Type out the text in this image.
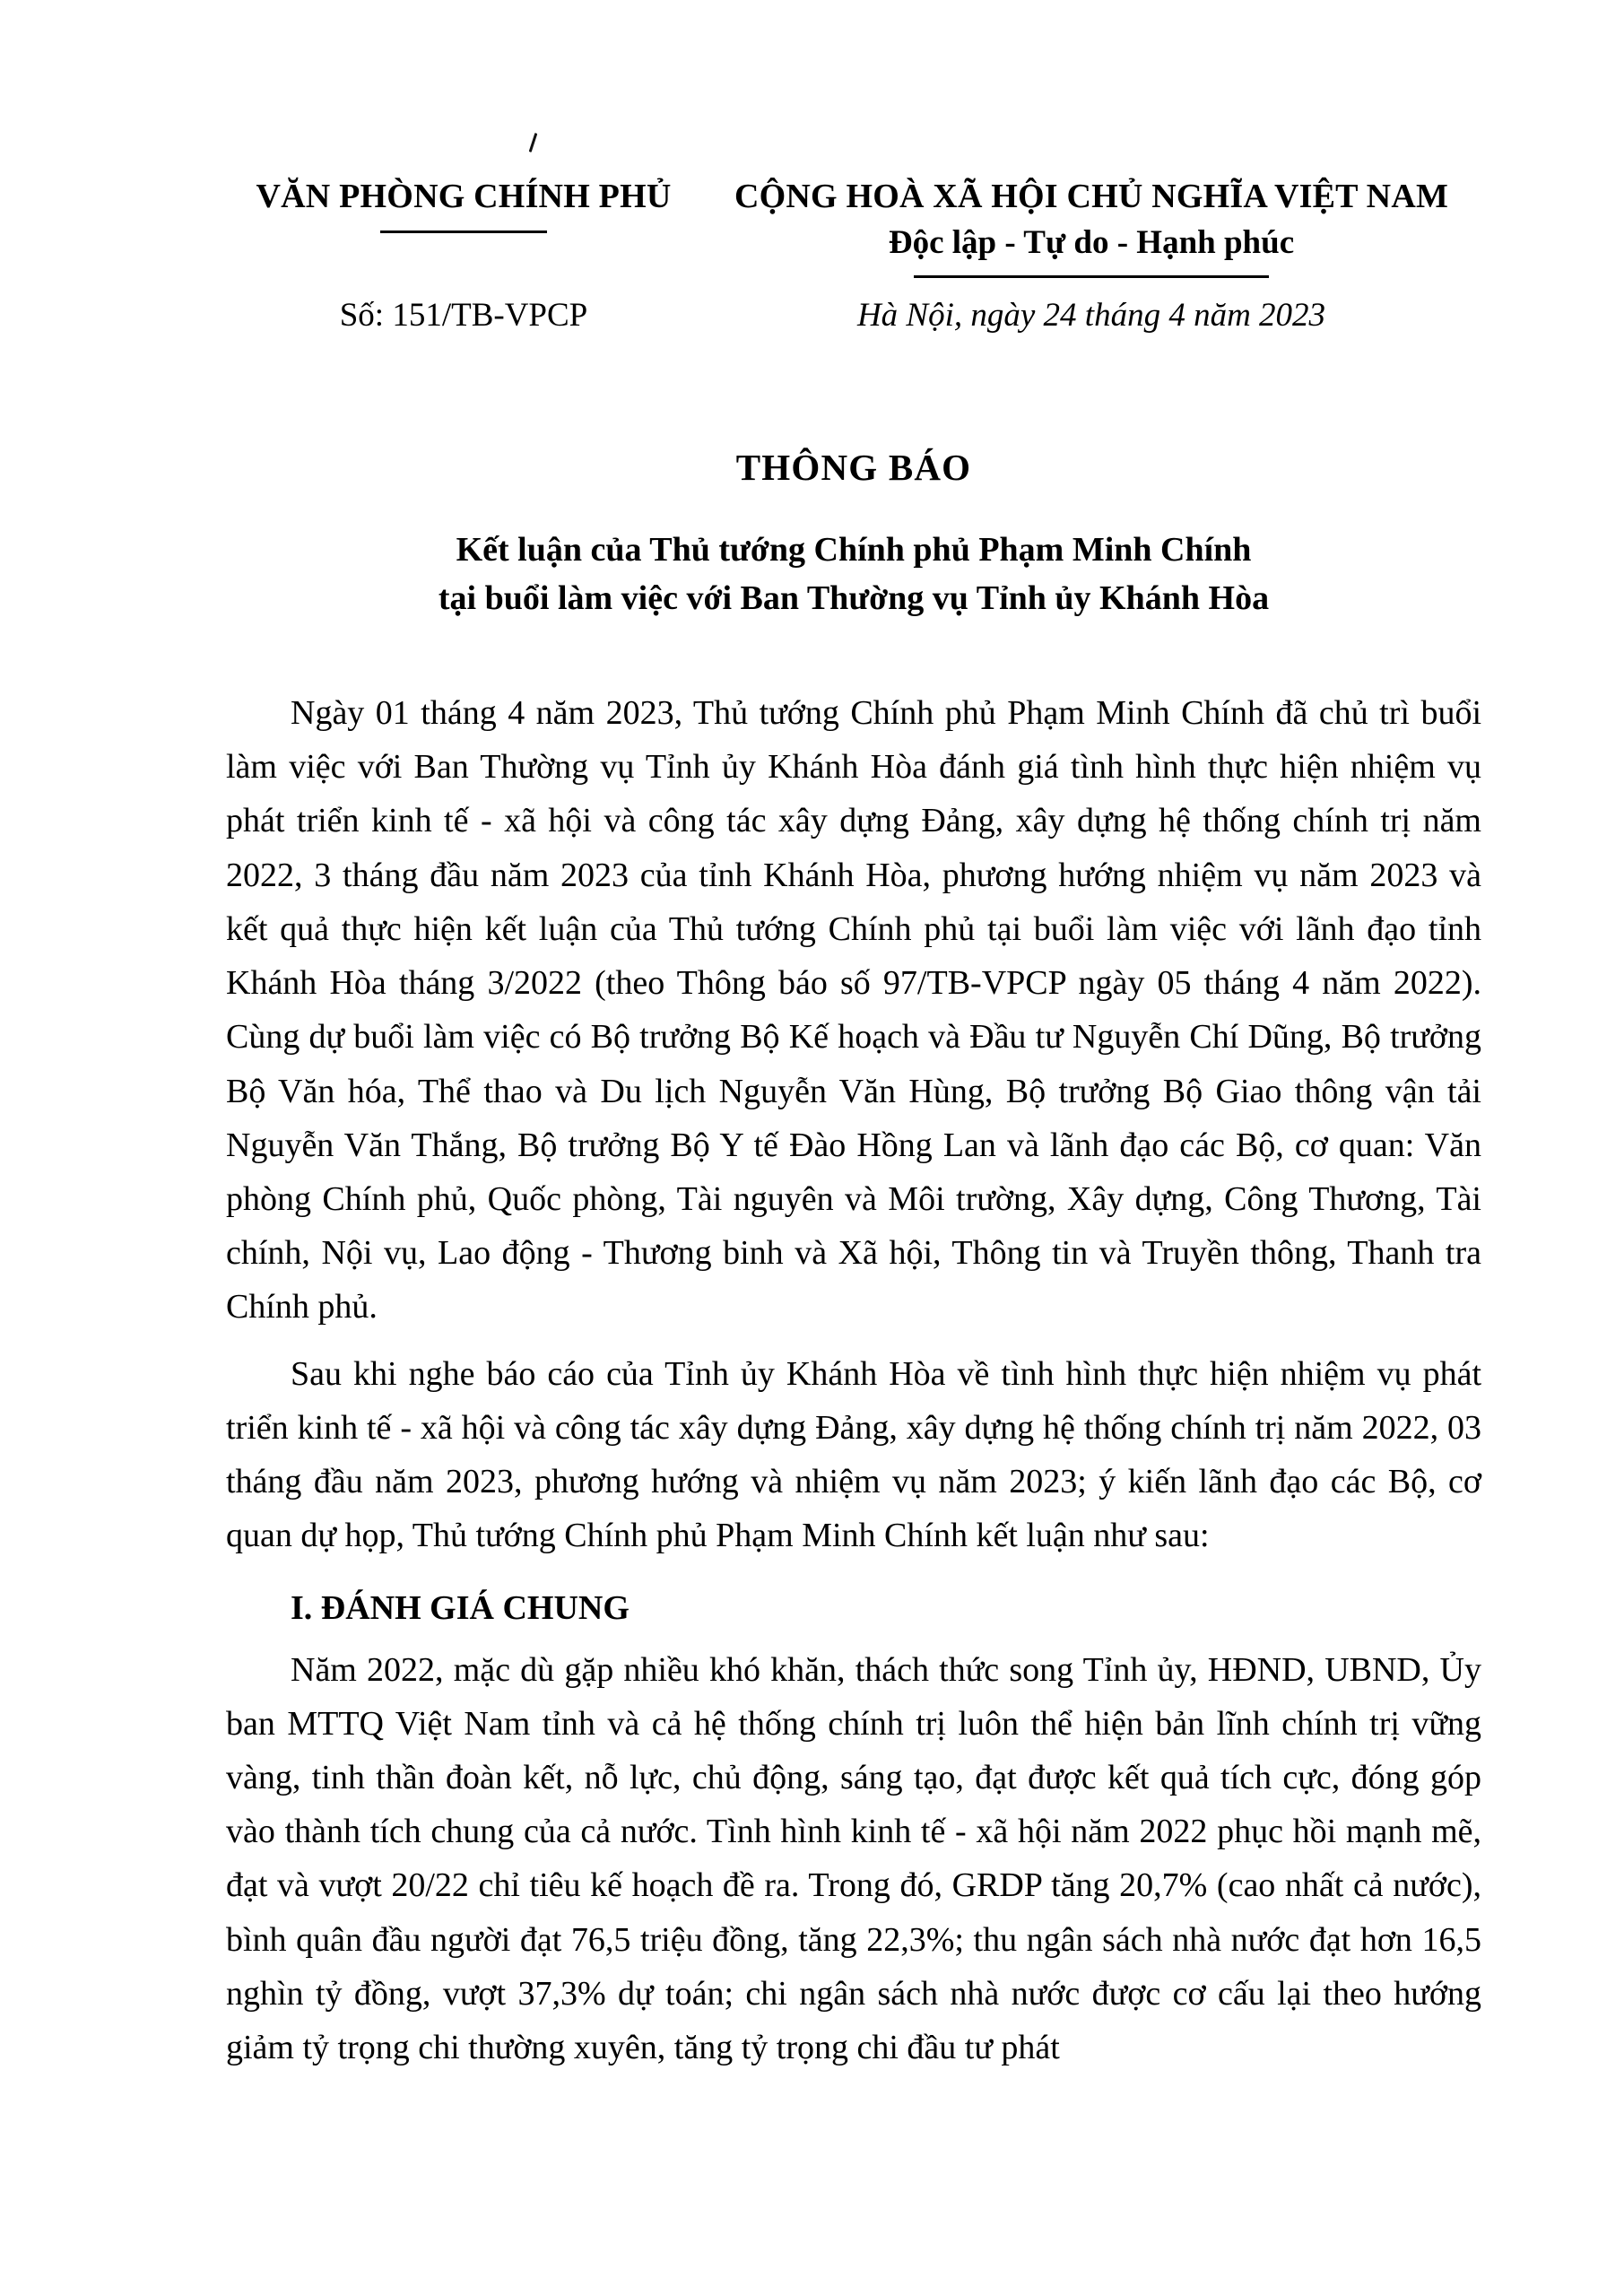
VĂN PHÒNG CHÍNH PHỦ	CỘNG HOÀ XÃ HỘI CHỦ NGHĨA VIỆT NAM
Độc lập - Tự do - Hạnh phúc
Số: 151/TB-VPCP	Hà Nội, ngày 24 tháng 4 năm 2023
THÔNG BÁO
Kết luận của Thủ tướng Chính phủ Phạm Minh Chính
tại buổi làm việc với Ban Thường vụ Tỉnh ủy Khánh Hòa

Ngày 01 tháng 4 năm 2023, Thủ tướng Chính phủ Phạm Minh Chính đã chủ trì buổi làm việc với Ban Thường vụ Tỉnh ủy Khánh Hòa đánh giá tình hình thực hiện nhiệm vụ phát triển kinh tế - xã hội và công tác xây dựng Đảng, xây dựng hệ thống chính trị năm 2022, 3 tháng đầu năm 2023 của tỉnh Khánh Hòa, phương hướng nhiệm vụ năm 2023 và kết quả thực hiện kết luận của Thủ tướng Chính phủ tại buổi làm việc với lãnh đạo tỉnh Khánh Hòa tháng 3/2022 (theo Thông báo số 97/TB-VPCP ngày 05 tháng 4 năm 2022). Cùng dự buổi làm việc có Bộ trưởng Bộ Kế hoạch và Đầu tư Nguyễn Chí Dũng, Bộ trưởng Bộ Văn hóa, Thể thao và Du lịch Nguyễn Văn Hùng, Bộ trưởng Bộ Giao thông vận tải Nguyễn Văn Thắng, Bộ trưởng Bộ Y tế Đào Hồng Lan và lãnh đạo các Bộ, cơ quan: Văn phòng Chính phủ, Quốc phòng, Tài nguyên và Môi trường, Xây dựng, Công Thương, Tài chính, Nội vụ, Lao động - Thương binh và Xã hội, Thông tin và Truyền thông, Thanh tra Chính phủ.

Sau khi nghe báo cáo của Tỉnh ủy Khánh Hòa về tình hình thực hiện nhiệm vụ phát triển kinh tế - xã hội và công tác xây dựng Đảng, xây dựng hệ thống chính trị năm 2022, 03 tháng đầu năm 2023, phương hướng và nhiệm vụ năm 2023; ý kiến lãnh đạo các Bộ, cơ quan dự họp, Thủ tướng Chính phủ Phạm Minh Chính kết luận như sau:

I. ĐÁNH GIÁ CHUNG

Năm 2022, mặc dù gặp nhiều khó khăn, thách thức song Tỉnh ủy, HĐND, UBND, Ủy ban MTTQ Việt Nam tỉnh và cả hệ thống chính trị luôn thể hiện bản lĩnh chính trị vững vàng, tinh thần đoàn kết, nỗ lực, chủ động, sáng tạo, đạt được kết quả tích cực, đóng góp vào thành tích chung của cả nước. Tình hình kinh tế - xã hội năm 2022 phục hồi mạnh mẽ, đạt và vượt 20/22 chỉ tiêu kế hoạch đề ra. Trong đó, GRDP tăng 20,7% (cao nhất cả nước), bình quân đầu người đạt 76,5 triệu đồng, tăng 22,3%; thu ngân sách nhà nước đạt hơn 16,5 nghìn tỷ đồng, vượt 37,3% dự toán; chi ngân sách nhà nước được cơ cấu lại theo hướng giảm tỷ trọng chi thường xuyên, tăng tỷ trọng chi đầu tư phát
